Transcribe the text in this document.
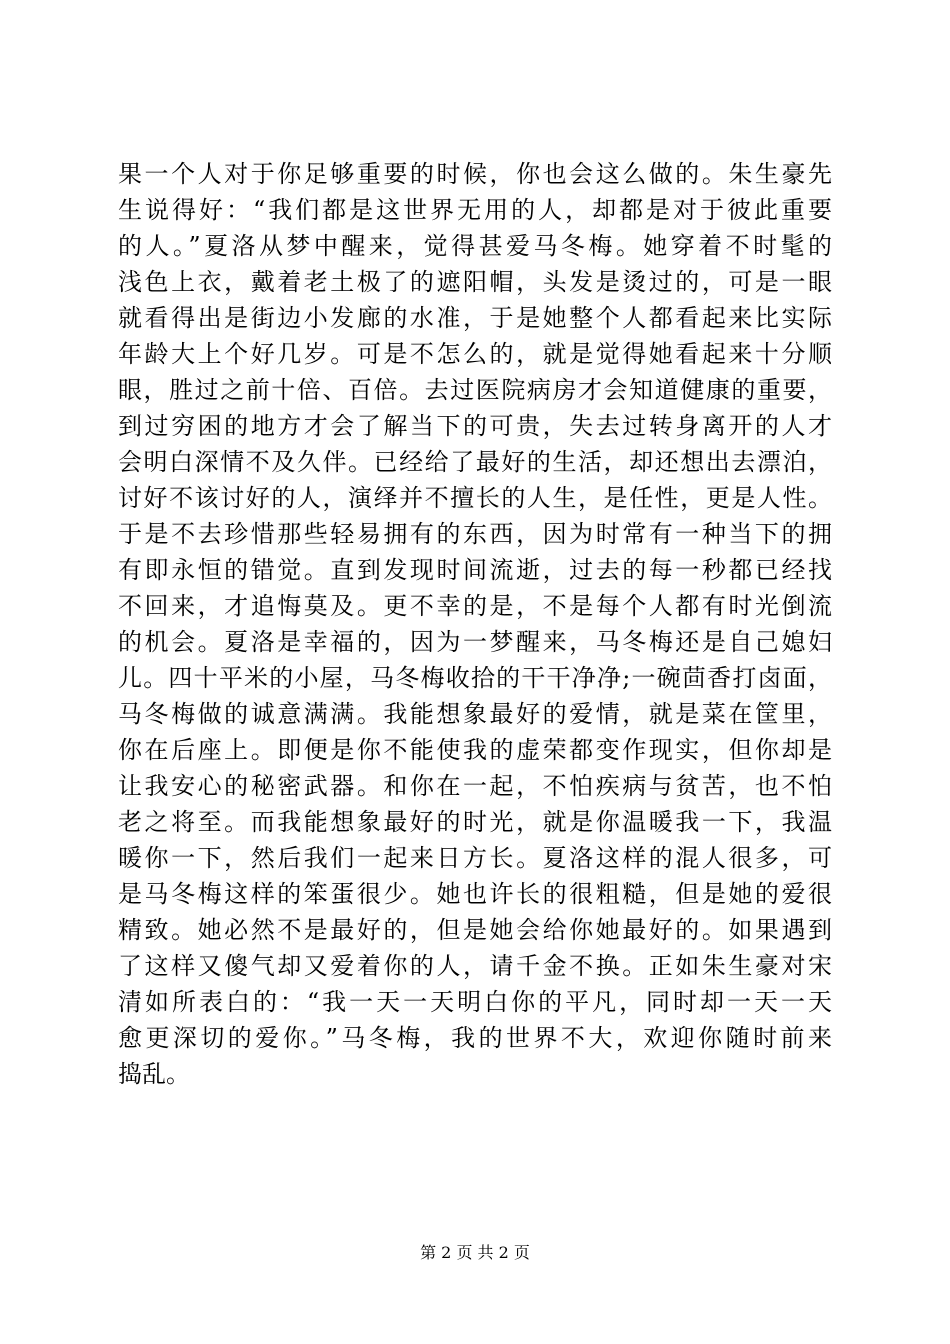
果一个人对于你足够重要的时候，你也会这么做的。朱生豪先
生说得好：“我们都是这世界无用的人，却都是对于彼此重要
的人。”夏洛从梦中醒来，觉得甚爱马冬梅。她穿着不时髦的
浅色上衣，戴着老土极了的遮阳帽，头发是烫过的，可是一眼
就看得出是街边小发廊的水准，于是她整个人都看起来比实际
年龄大上个好几岁。可是不怎么的，就是觉得她看起来十分顺
眼，胜过之前十倍、百倍。去过医院病房才会知道健康的重要，
到过穷困的地方才会了解当下的可贵，失去过转身离开的人才
会明白深情不及久伴。已经给了最好的生活，却还想出去漂泊，
讨好不该讨好的人，演绎并不擅长的人生，是任性，更是人性。
于是不去珍惜那些轻易拥有的东西，因为时常有一种当下的拥
有即永恒的错觉。直到发现时间流逝，过去的每一秒都已经找
不回来，才追悔莫及。更不幸的是，不是每个人都有时光倒流
的机会。夏洛是幸福的，因为一梦醒来，马冬梅还是自己媳妇
儿。四十平米的小屋，马冬梅收拾的干干净净;一碗茴香打卤面，
马冬梅做的诚意满满。我能想象最好的爱情，就是菜在筐里，
你在后座上。即便是你不能使我的虚荣都变作现实，但你却是
让我安心的秘密武器。和你在一起，不怕疾病与贫苦，也不怕
老之将至。而我能想象最好的时光，就是你温暖我一下，我温
暖你一下，然后我们一起来日方长。夏洛这样的混人很多，可
是马冬梅这样的笨蛋很少。她也许长的很粗糙，但是她的爱很
精致。她必然不是最好的，但是她会给你她最好的。如果遇到
了这样又傻气却又爱着你的人，请千金不换。正如朱生豪对宋
清如所表白的：“我一天一天明白你的平凡，同时却一天一天
愈更深切的爱你。”马冬梅，我的世界不大，欢迎你随时前来
捣乱。
第 2 页 共 2 页
